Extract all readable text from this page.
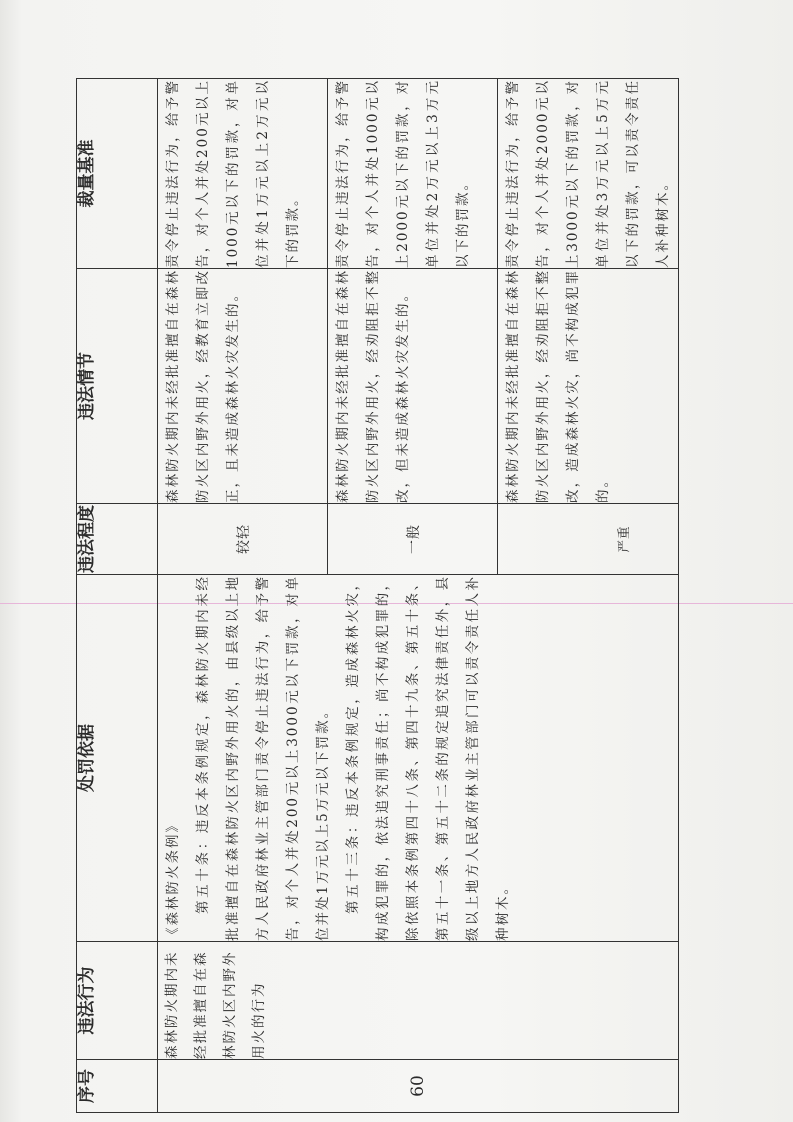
序号	违法行为	处罚依据	违法程度	违法情节	裁量基准
60	森林防火期内未经批准擅自在森林防火区内野外用火的行为	《森林防火条例》 第五十条：违反本条例规定，森林防火期内未经批准擅自在森林防火区内野外用火的，由县级以上地方人民政府林业主管部门责令停止违法行为，给予警告，对个人并处200元以上3000元以下罚款，对单位并处1万元以上5万元以下罚款。 第五十三条：违反本条例规定，造成森林火灾，构成犯罪的，依法追究刑事责任；尚不构成犯罪的，除依照本条例第四十八条、第四十九条、第五十条、第五十一条、第五十二条的规定追究法律责任外，县级以上地方人民政府林业主管部门可以责令责任人补种树木。	较轻	森林防火期内未经批准擅自在森林防火区内野外用火，经教育立即改正，且未造成森林火灾发生的。	责令停止违法行为，给予警告，对个人并处200元以上1000元以下的罚款，对单位并处1万元以上2万元以下的罚款。
			一般	森林防火期内未经批准擅自在森林防火区内野外用火，经劝阻拒不整改，但未造成森林火灾发生的。	责令停止违法行为，给予警告，对个人并处1000元以上2000元以下的罚款，对单位并处2万元以上3万元以下的罚款。
			严重	森林防火期内未经批准擅自在森林防火区内野外用火，经劝阻拒不整改，造成森林火灾，尚不构成犯罪的。	责令停止违法行为，给予警告，对个人并处2000元以上3000元以下的罚款，对单位并处3万元以上5万元以下的罚款，可以责令责任人补种树木。
